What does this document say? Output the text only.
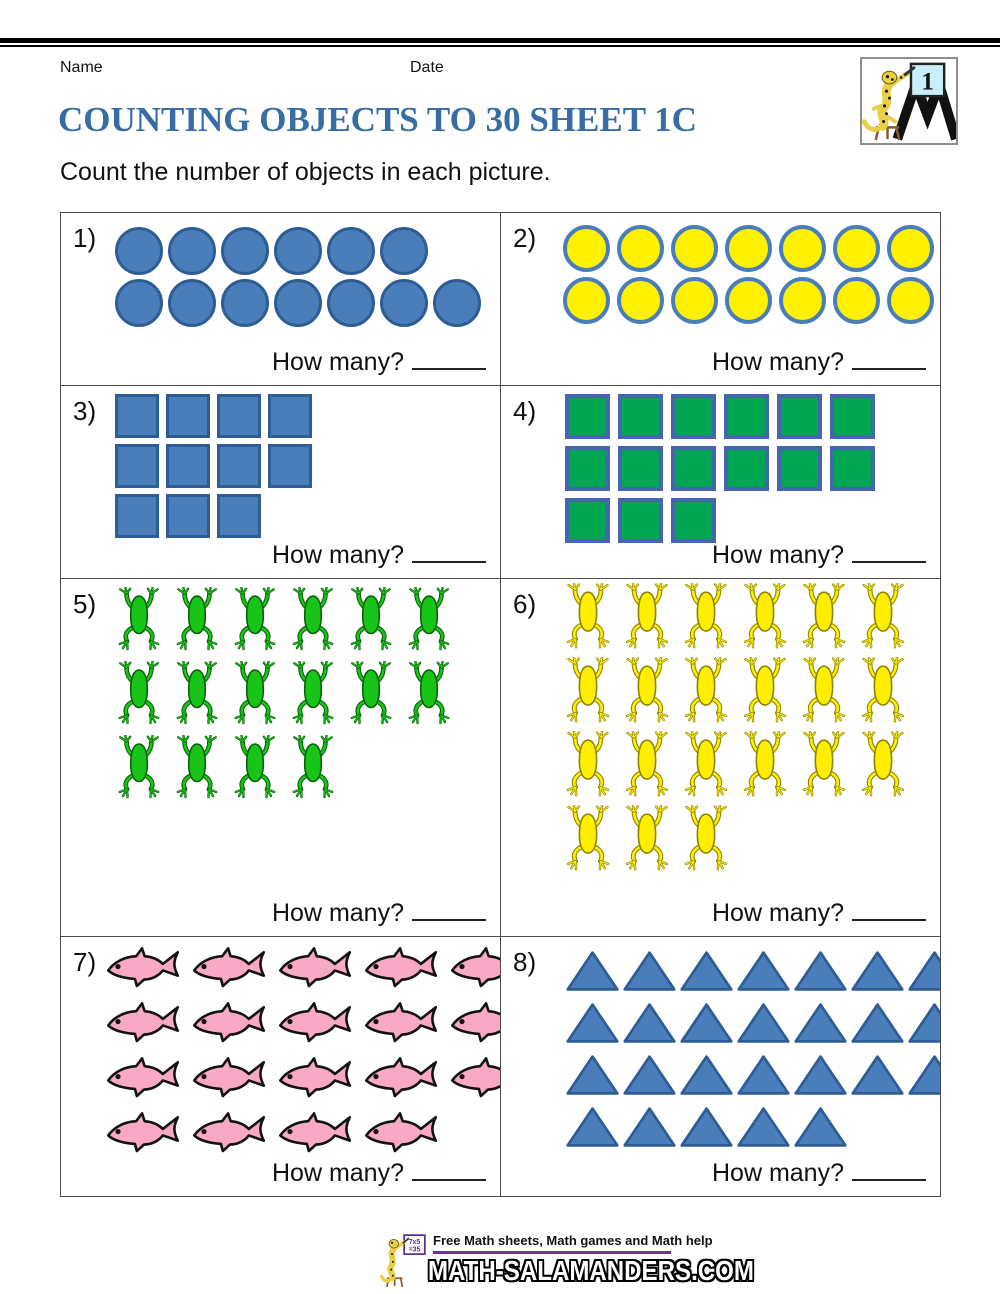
Name	Date	1
COUNTING OBJECTS TO 30 SHEET 1C
Count the number of objects in each picture.
1)
How many?
2)
How many?
3)
How many?
4)
How many?
5)
How many?
6)
How many?
7)
How many?
8)
How many?
7x5
=35
Free Math sheets, Math games and Math help
MATH-SALAMANDERS.COM
